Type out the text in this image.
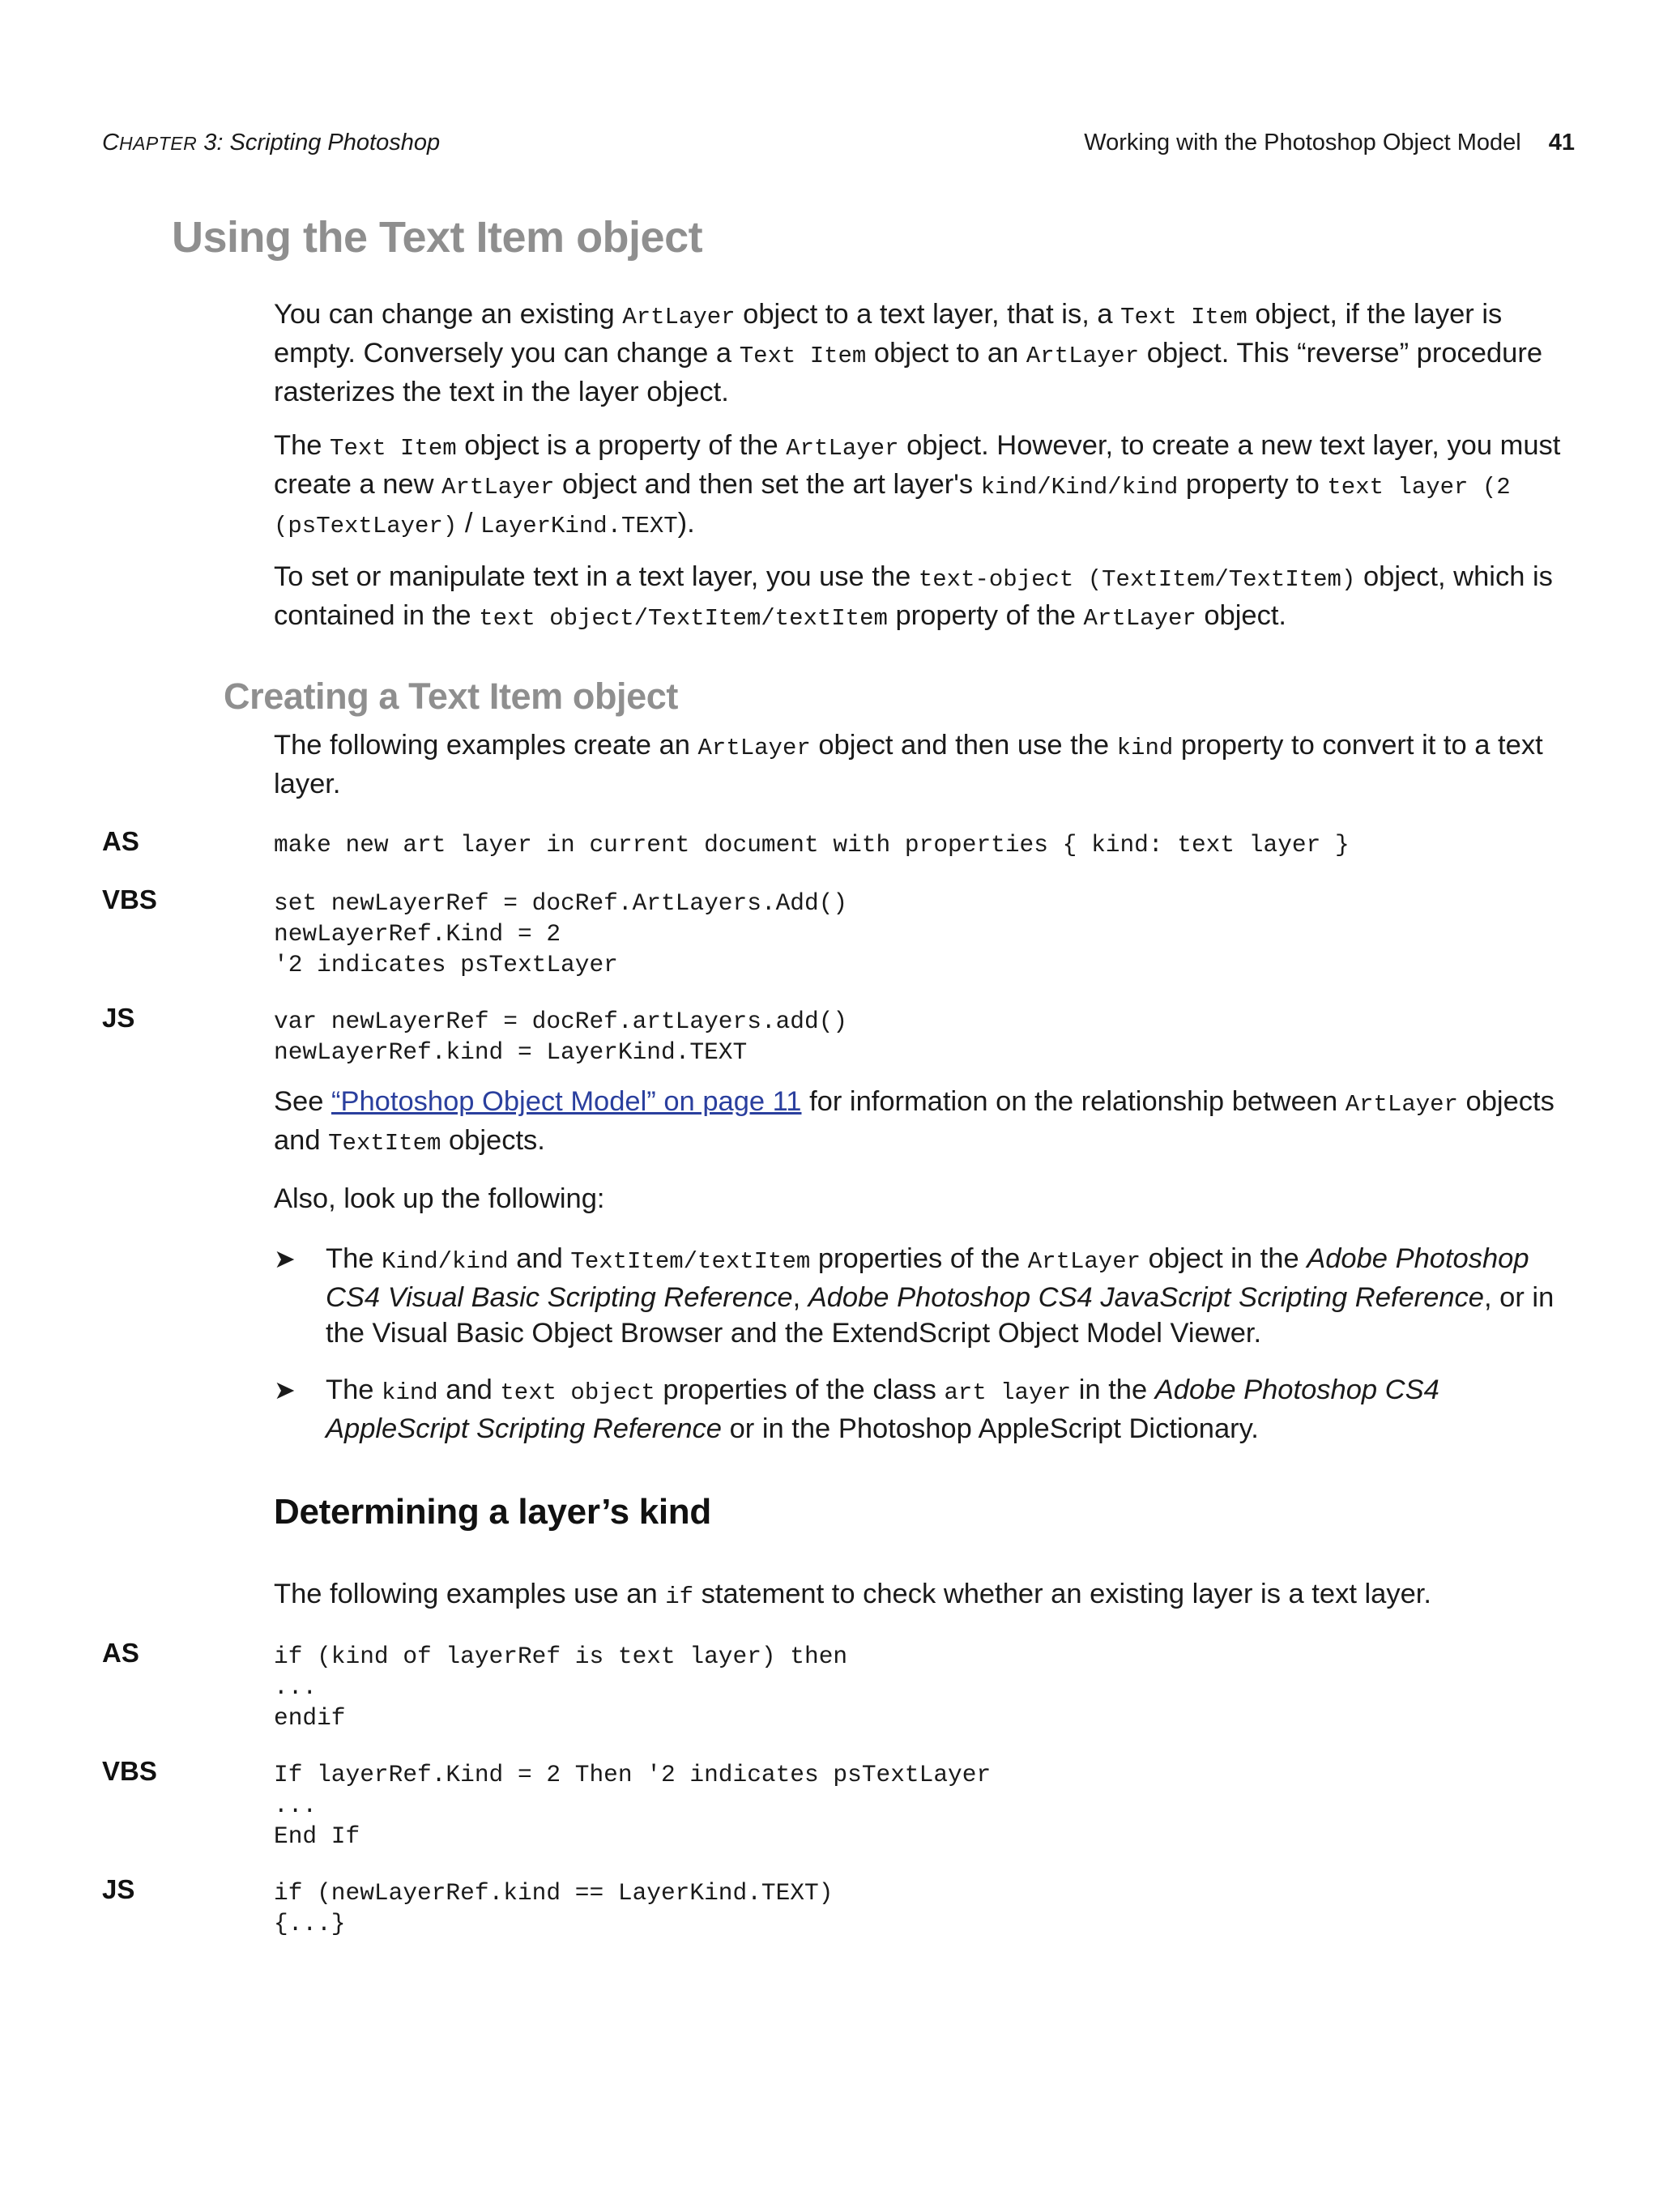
CHAPTER 3: Scripting Photoshop	Working with the Photoshop Object Model 41
Using the Text Item object
You can change an existing ArtLayer object to a text layer, that is, a Text Item object, if the layer is empty. Conversely you can change a Text Item object to an ArtLayer object. This “reverse” procedure rasterizes the text in the layer object.
The Text Item object is a property of the ArtLayer object. However, to create a new text layer, you must create a new ArtLayer object and then set the art layer's kind/Kind/kind property to text layer (2 (psTextLayer) / LayerKind.TEXT).
To set or manipulate text in a text layer, you use the text-object (TextItem/TextItem) object, which is contained in the text object/TextItem/textItem property of the ArtLayer object.
Creating a Text Item object
The following examples create an ArtLayer object and then use the kind property to convert it to a text layer.
AS	make new art layer in current document with properties { kind: text layer }
VBS	set newLayerRef = docRef.ArtLayers.Add()
newLayerRef.Kind = 2
'2 indicates psTextLayer
JS	var newLayerRef = docRef.artLayers.add()
newLayerRef.kind = LayerKind.TEXT
See “Photoshop Object Model” on page 11 for information on the relationship between ArtLayer objects and TextItem objects.
Also, look up the following:
➤ The Kind/kind and TextItem/textItem properties of the ArtLayer object in the Adobe Photoshop CS4 Visual Basic Scripting Reference, Adobe Photoshop CS4 JavaScript Scripting Reference, or in the Visual Basic Object Browser and the ExtendScript Object Model Viewer.
➤ The kind and text object properties of the class art layer in the Adobe Photoshop CS4 AppleScript Scripting Reference or in the Photoshop AppleScript Dictionary.
Determining a layer’s kind
The following examples use an if statement to check whether an existing layer is a text layer.
AS	if (kind of layerRef is text layer) then
...
endif
VBS	If layerRef.Kind = 2 Then '2 indicates psTextLayer
...
End If
JS	if (newLayerRef.kind == LayerKind.TEXT)
{...}
